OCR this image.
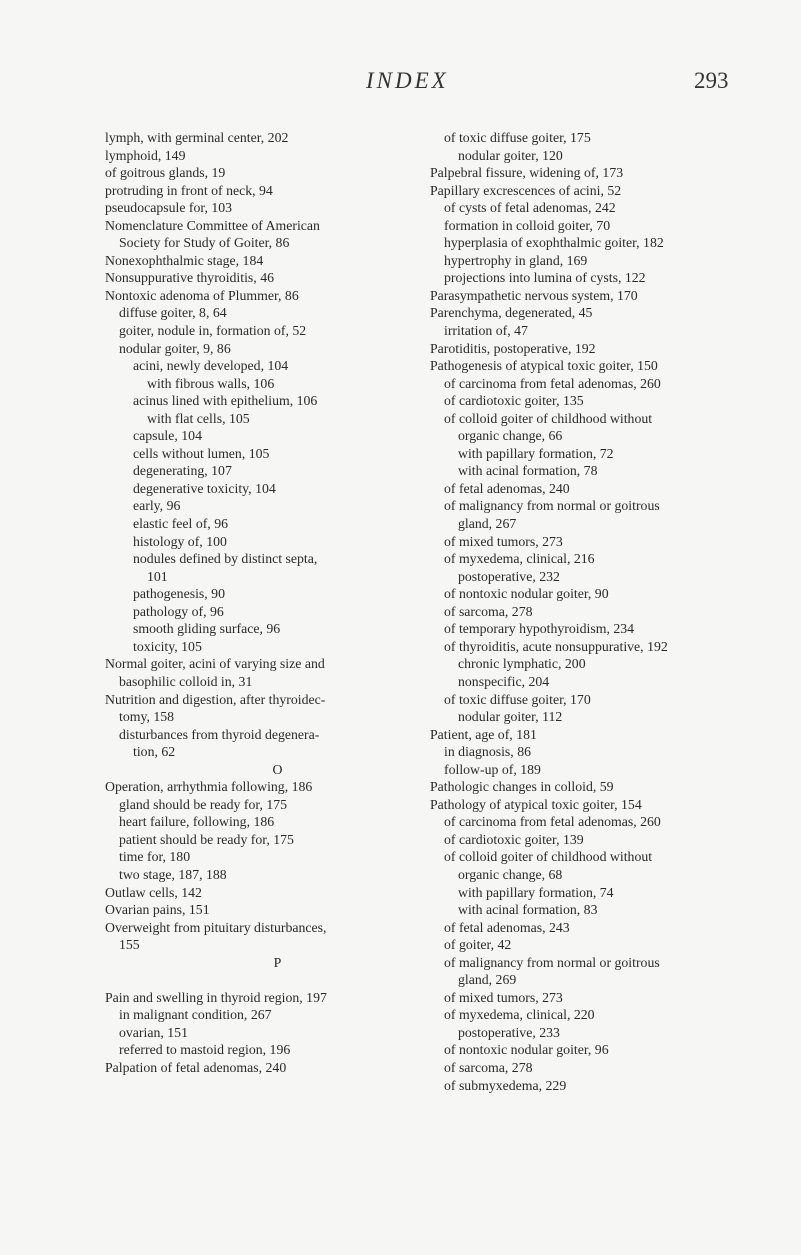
INDEX	293

lymph, with germinal center, 202

lymphoid, 149

of goitrous glands, 19

protruding in front of neck, 94

pseudocapsule for, 103

Nomenclature Committee of American

Society for Study of Goiter, 86

Nonexophthalmic stage, 184

Nonsuppurative thyroiditis, 46

Nontoxic adenoma of Plummer, 86

diffuse goiter, 8, 64

goiter, nodule in, formation of, 52

nodular goiter, 9, 86

acini, newly developed, 104

with fibrous walls, 106

acinus lined with epithelium, 106

with flat cells, 105

capsule, 104

cells without lumen, 105

degenerating, 107

degenerative toxicity, 104

early, 96

elastic feel of, 96

histology of, 100

nodules defined by distinct septa,

101

pathogenesis, 90

pathology of, 96

smooth gliding surface, 96

toxicity, 105

Normal goiter, acini of varying size and

basophilic colloid in, 31

Nutrition and digestion, after thyroidec-

tomy, 158

disturbances from thyroid degenera-

tion, 62

O

Operation, arrhythmia following, 186

gland should be ready for, 175

heart failure, following, 186

patient should be ready for, 175

time for, 180

two stage, 187, 188

Outlaw cells, 142

Ovarian pains, 151

Overweight from pituitary disturbances,

155

P

Pain and swelling in thyroid region, 197

in malignant condition, 267

ovarian, 151

referred to mastoid region, 196

Palpation of fetal adenomas, 240

of toxic diffuse goiter, 175

nodular goiter, 120

Palpebral fissure, widening of, 173

Papillary excrescences of acini, 52

of cysts of fetal adenomas, 242

formation in colloid goiter, 70

hyperplasia of exophthalmic goiter, 182

hypertrophy in gland, 169

projections into lumina of cysts, 122

Parasympathetic nervous system, 170

Parenchyma, degenerated, 45

irritation of, 47

Parotiditis, postoperative, 192

Pathogenesis of atypical toxic goiter, 150

of carcinoma from fetal adenomas, 260

of cardiotoxic goiter, 135

of colloid goiter of childhood without

organic change, 66

with papillary formation, 72

with acinal formation, 78

of fetal adenomas, 240

of malignancy from normal or goitrous

gland, 267

of mixed tumors, 273

of myxedema, clinical, 216

postoperative, 232

of nontoxic nodular goiter, 90

of sarcoma, 278

of temporary hypothyroidism, 234

of thyroiditis, acute nonsuppurative, 192

chronic lymphatic, 200

nonspecific, 204

of toxic diffuse goiter, 170

nodular goiter, 112

Patient, age of, 181

in diagnosis, 86

follow-up of, 189

Pathologic changes in colloid, 59

Pathology of atypical toxic goiter, 154

of carcinoma from fetal adenomas, 260

of cardiotoxic goiter, 139

of colloid goiter of childhood without

organic change, 68

with papillary formation, 74

with acinal formation, 83

of fetal adenomas, 243

of goiter, 42

of malignancy from normal or goitrous

gland, 269

of mixed tumors, 273

of myxedema, clinical, 220

postoperative, 233

of nontoxic nodular goiter, 96

of sarcoma, 278

of submyxedema, 229
